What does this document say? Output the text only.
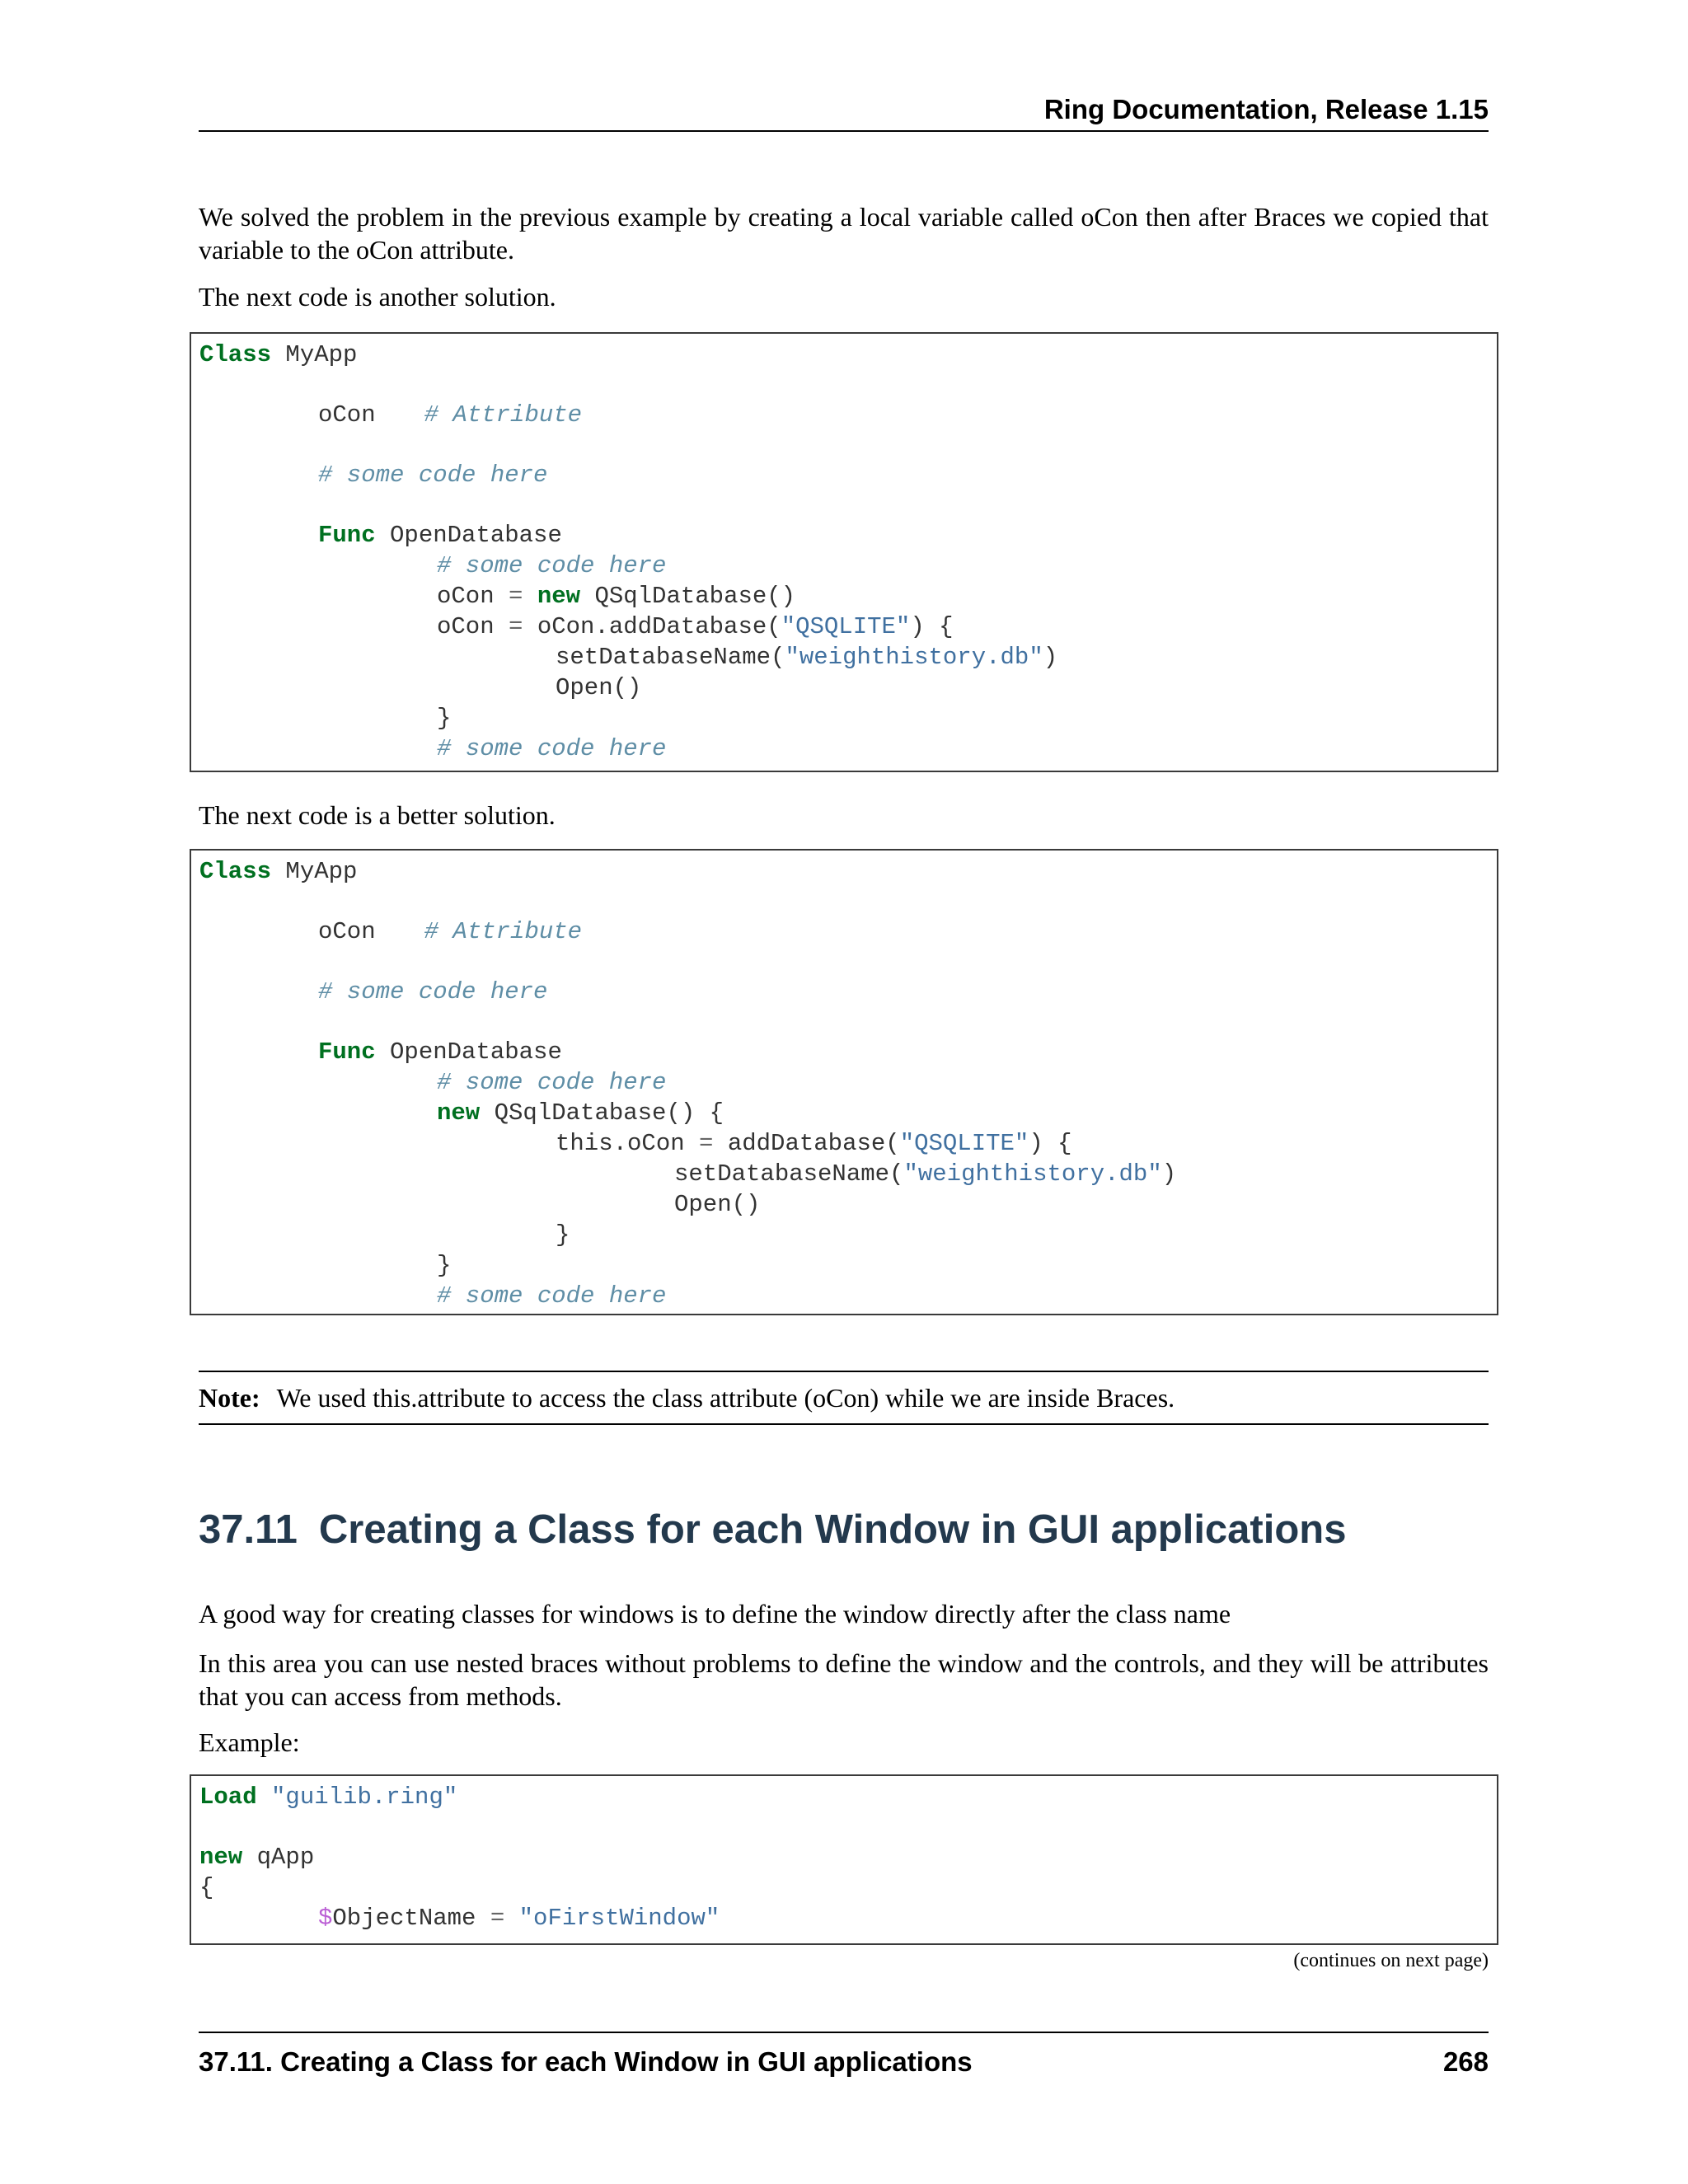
Ring Documentation, Release 1.15

We solved the problem in the previous example by creating a local variable called oCon then after Braces we copied that variable to the oCon attribute.

The next code is another solution.

Class MyApp
oCon # Attribute
# some code here
Func OpenDatabase
# some code here
oCon = new QSqlDatabase()
oCon = oCon.addDatabase("QSQLITE") {
setDatabaseName("weighthistory.db")
Open()
}
# some code here

The next code is a better solution.

Class MyApp
oCon # Attribute
# some code here
Func OpenDatabase
# some code here
new QSqlDatabase() {
this.oCon = addDatabase("QSQLITE") {
setDatabaseName("weighthistory.db")
Open()
}
}
# some code here
Note: We used this.attribute to access the class attribute (oCon) while we are inside Braces.
37.11 Creating a Class for each Window in GUI applications

A good way for creating classes for windows is to define the window directly after the class name

In this area you can use nested braces without problems to define the window and the controls, and they will be attributes that you can access from methods.

Example:

Load "guilib.ring"
new qApp
{
$ObjectName = "oFirstWindow"
(continues on next page)
37.11. Creating a Class for each Window in GUI applications	268
